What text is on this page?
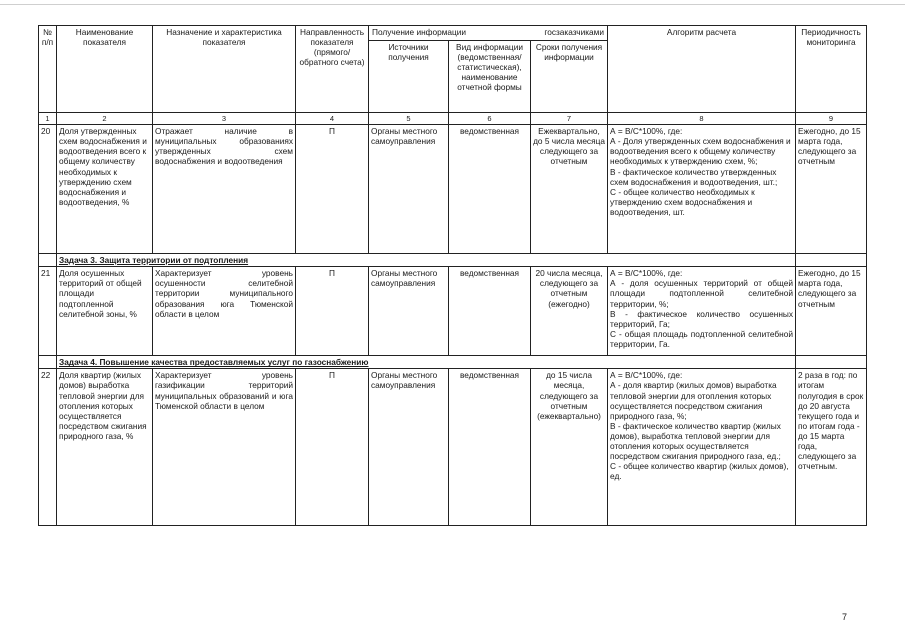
№ п/п	Наименование показателя	Назначение и характеристика показателя	Направленность показателя (прямого/ обратного счета)	Получение информации госзаказчиками			Алгоритм расчета	Периодичность мониторинга
				Источники получения	Вид информации (ведомственная/ статистическая), наименование отчетной формы	Сроки получения информации		
1	2	3	4	5	6	7	8	9
20	Доля утвержденных схем водоснабжения и водоотведения всего к общему количеству необходимых к утверждению схем водоснабжения и водоотведения, %	Отражает наличие в муниципальных образованиях утвержденных схем водоснабжения и водоотведения	П	Органы местного самоуправления	ведомственная	Ежеквартально, до 5 числа месяца следующего за отчетным	А = В/С*100%, где:
А - Доля утвержденных схем водоснабжения и водоотведения всего к общему количеству необходимых к утверждению схем, %;
В - фактическое количество утвержденных схем водоснабжения и водоотведения, шт.;
С - общее количество необходимых к утверждению схем водоснабжения и водоотведения, шт.	Ежегодно, до 15 марта года, следующего за отчетным
	Задача 3. Защита территории от подтопления							
21	Доля осушенных территорий от общей площади подтопленной селитебной зоны, %	Характеризует уровень осушенности селитебной территории муниципального образования юга Тюменской области в целом	П	Органы местного самоуправления	ведомственная	20 числа месяца, следующего за отчетным (ежегодно)	А = В/С*100%, где:
А - доля осушенных территорий от общей площади подтопленной селитебной территории, %;
В - фактическое количество осушенных территорий, Га;
С - общая площадь подтопленной селитебной территории, Га.	Ежегодно, до 15 марта года, следующего за отчетным
	Задача 4. Повышение качества предоставляемых услуг по газоснабжению							
22	Доля квартир (жилых домов) выработка тепловой энергии для отопления которых осуществляется посредством сжигания природного газа, %	Характеризует уровень газификации территорий муниципальных образований и юга Тюменской области в целом	П	Органы местного самоуправления	ведомственная	до 15 числа месяца, следующего за отчетным (ежеквартально)	А = В/С*100%, где:
А - доля квартир (жилых домов) выработка тепловой энергии для отопления которых осуществляется посредством сжигания природного газа, %;
В - фактическое количество квартир (жилых домов), выработка тепловой энергии для отопления которых осуществляется посредством сжигания природного газа, ед.;
С - общее количество квартир (жилых домов), ед.	2 раза в год: по итогам полугодия в срок до 20 августа текущего года и по итогам года - до 15 марта года, следующего за отчетным.
7
